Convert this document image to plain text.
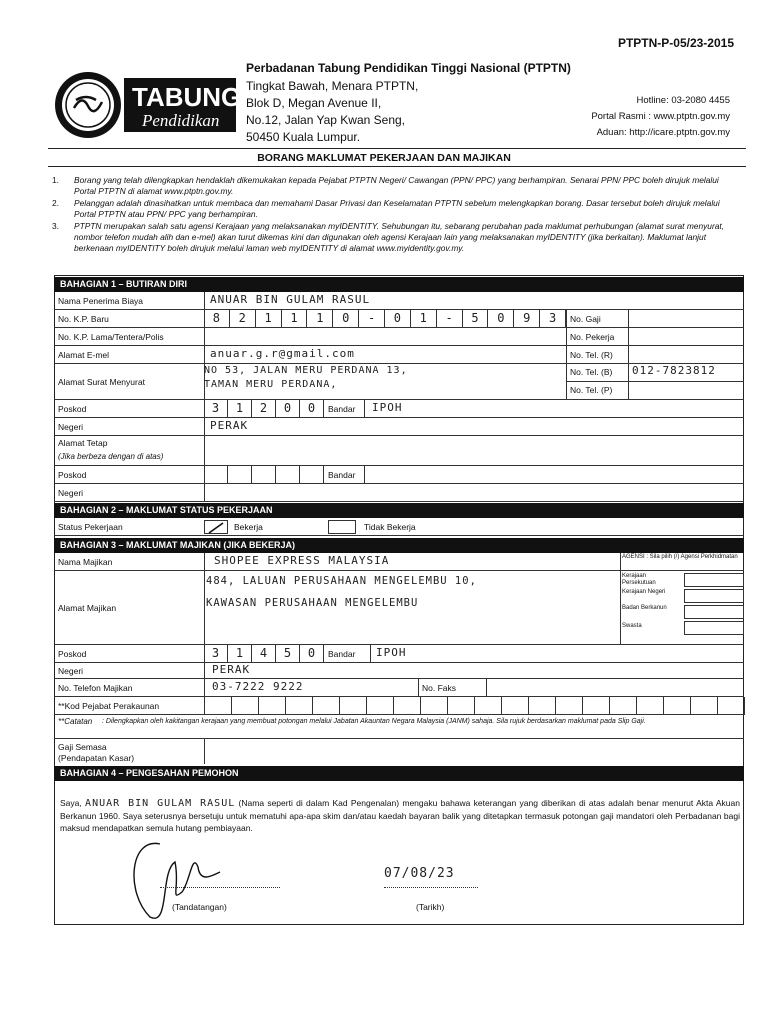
PTPTN-P-05/23-2015
TABUNG
Pendidikan
Perbadanan Tabung Pendidikan Tinggi Nasional (PTPTN)
Tingkat Bawah, Menara PTPTN,
Blok D, Megan Avenue II,
No.12, Jalan Yap Kwan Seng,
50450 Kuala Lumpur.
Hotline: 03-2080 4455
Portal Rasmi : www.ptptn.gov.my
Aduan: http://icare.ptptn.gov.my
BORANG MAKLUMAT PEKERJAAN DAN MAJIKAN
1.	Borang yang telah dilengkapkan hendaklah dikemukakan kepada Pejabat PTPTN Negeri/ Cawangan (PPN/ PPC) yang berhampiran. Senarai PPN/ PPC boleh dirujuk melalui Portal PTPTN di alamat www.ptptn.gov.my.
2.	Pelanggan adalah dinasihatkan untuk membaca dan memahami Dasar Privasi dan Keselamatan PTPTN sebelum melengkapkan borang. Dasar tersebut boleh dirujuk melalui Portal PTPTN atau PPN/ PPC yang berhampiran.
3.	PTPTN merupakan salah satu agensi Kerajaan yang melaksanakan myIDENTITY. Sehubungan itu, sebarang perubahan pada maklumat perhubungan (alamat surat menyurat, nombor telefon mudah alih dan e-mel) akan turut dikemas kini dan digunakan oleh agensi Kerajaan lain yang melaksanakan myIDENTITY (jika berkaitan). Maklumat lanjut berkenaan myIDENTITY boleh dirujuk melalui laman web myIDENTITY di alamat www.myidentity.gov.my.
BAHAGIAN 1 – BUTIRAN DIRI
Nama Penerima Biaya	ANUAR BIN GULAM RASUL
No. K.P. Baru	8	2	1	1	1	0	-	0	1	-	5	0	9	3	No. Gaji
No. K.P. Lama/Tentera/Polis	No. Pekerja
Alamat E-mel	anuar.g.r@gmail.com	No. Tel. (R)
Alamat Surat Menyurat
NO 53, JALAN MERU PERDANA 13,
TAMAN MERU PERDANA,
No. Tel. (B) 012-7823812
No. Tel. (P)
Poskod	3	1	2	0	0	Bandar IPOH
Negeri	PERAK
Alamat Tetap
(Jika berbeza dengan di atas)
Poskod	Bandar
Negeri
BAHAGIAN 2 – MAKLUMAT STATUS PEKERJAAN
Status Pekerjaan	Bekerja	Tidak Bekerja
BAHAGIAN 3 – MAKLUMAT MAJIKAN (JIKA BEKERJA)
Nama Majikan	SHOPEE EXPRESS MALAYSIA
Alamat Majikan
484, LALUAN PERUSAHAAN MENGELEMBU 10,
KAWASAN PERUSAHAAN MENGELEMBU
AGENSI : Sila pilih (/) Agensi Perkhidmatan
Kerajaan Persekutuan
Kerajaan Negeri
Badan Berkanun
Swasta
Poskod	3	1	4	5	0	Bandar IPOH
Negeri	PERAK
No. Telefon Majikan	03-7222 9222	No. Faks
**Kod Pejabat Perakaunan
**Catatan : Dilengkapkan oleh kakitangan kerajaan yang membuat potongan melalui Jabatan Akauntan Negara Malaysia (JANM) sahaja. Sila rujuk berdasarkan maklumat pada Slip Gaji.
Gaji Semasa (Pendapatan Kasar)
BAHAGIAN 4 – PENGESAHAN PEMOHON
Saya, ANUAR BIN GULAM RASUL (Nama seperti di dalam Kad Pengenalan) mengaku bahawa keterangan yang diberikan di atas adalah benar menurut Akta Akuan Berkanun 1960. Saya seterusnya bersetuju untuk mematuhi apa-apa skim dan/atau kaedah bayaran balik yang ditetapkan termasuk potongan gaji mandatori oleh Perbadanan bagi maksud mendapatkan semula hutang pembiayaan.
(Tandatangan)
07/08/23
(Tarikh)
